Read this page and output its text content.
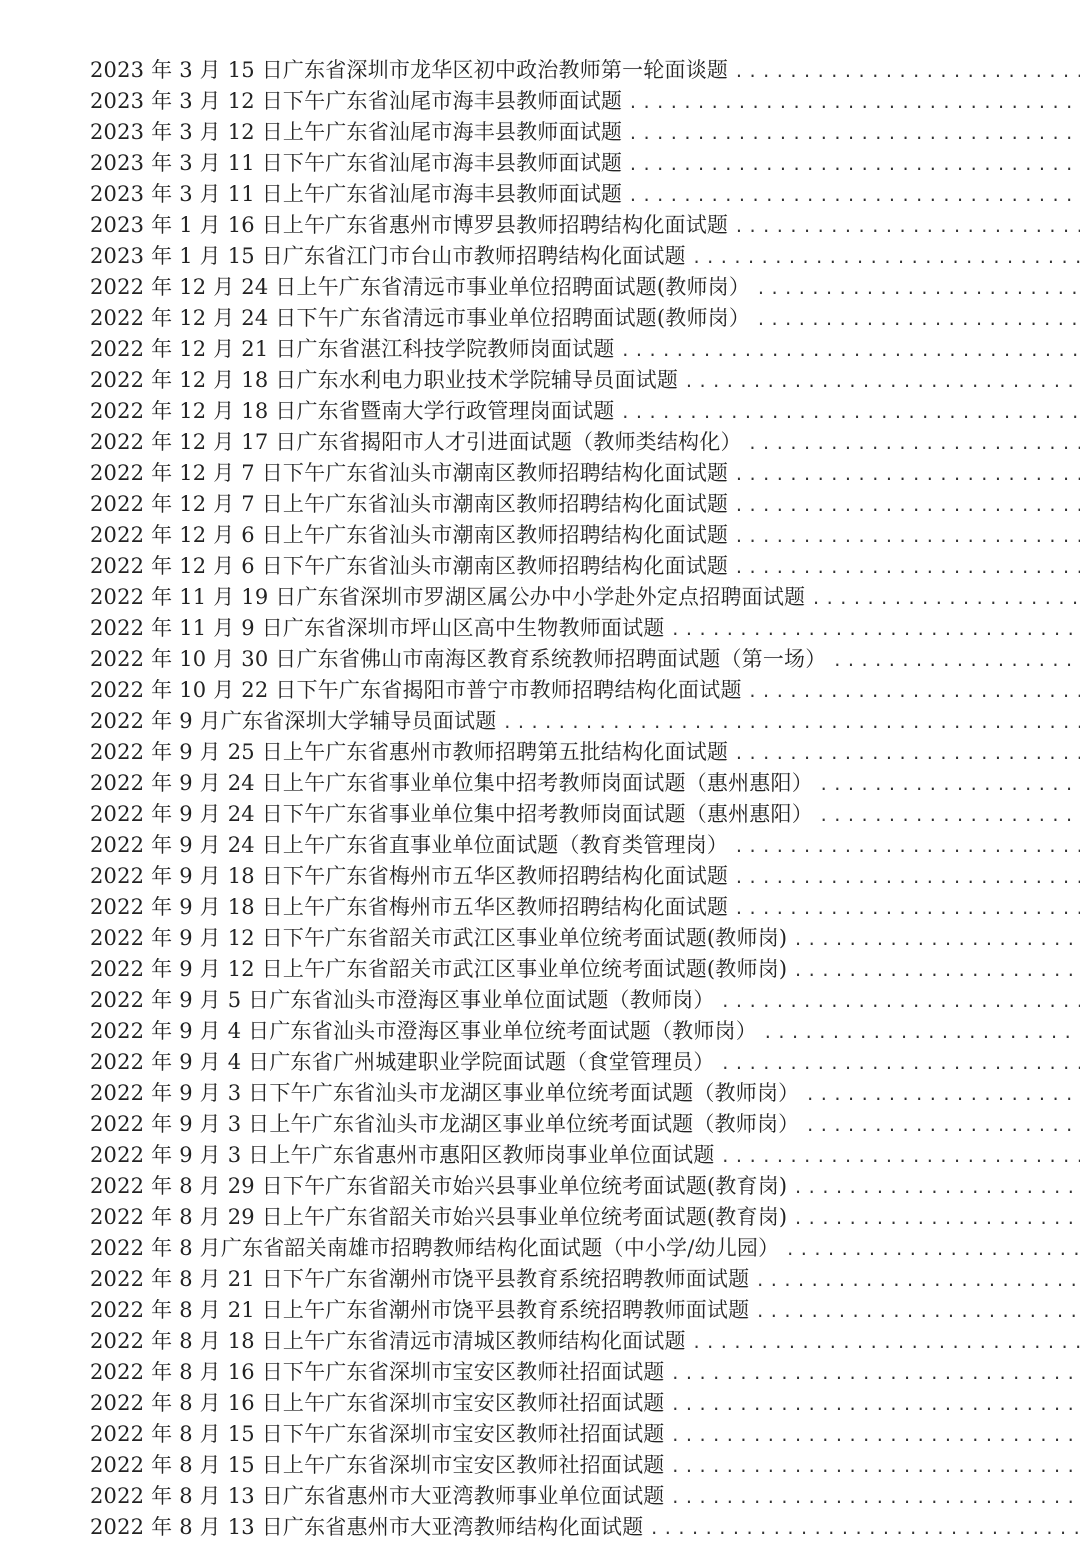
2023 年 3 月 15 日广东省深圳市龙华区初中政治教师第一轮面谈题
.....
2023 年 3 月 12 日下午广东省汕尾市海丰县教师面试题
.....
2023 年 3 月 12 日上午广东省汕尾市海丰县教师面试题
.....
2023 年 3 月 11 日下午广东省汕尾市海丰县教师面试题
.....
2023 年 3 月 11 日上午广东省汕尾市海丰县教师面试题
.....
2023 年 1 月 16 日上午广东省惠州市博罗县教师招聘结构化面试题
.....
2023 年 1 月 15 日广东省江门市台山市教师招聘结构化面试题
.....
2022 年 12 月 24 日上午广东省清远市事业单位招聘面试题(教师岗）
.....
2022 年 12 月 24 日下午广东省清远市事业单位招聘面试题(教师岗）
.....
2022 年 12 月 21 日广东省湛江科技学院教师岗面试题
.....
2022 年 12 月 18 日广东水利电力职业技术学院辅导员面试题
.....
2022 年 12 月 18 日广东省暨南大学行政管理岗面试题
.....
2022 年 12 月 17 日广东省揭阳市人才引进面试题（教师类结构化）
.....
2022 年 12 月 7 日下午广东省汕头市潮南区教师招聘结构化面试题
.....
2022 年 12 月 7 日上午广东省汕头市潮南区教师招聘结构化面试题
.....
2022 年 12 月 6 日上午广东省汕头市潮南区教师招聘结构化面试题
.....
2022 年 12 月 6 日下午广东省汕头市潮南区教师招聘结构化面试题
.....
2022 年 11 月 19 日广东省深圳市罗湖区属公办中小学赴外定点招聘面试题
.....
2022 年 11 月 9 日广东省深圳市坪山区高中生物教师面试题
.....
2022 年 10 月 30 日广东省佛山市南海区教育系统教师招聘面试题（第一场）
.....
2022 年 10 月 22 日下午广东省揭阳市普宁市教师招聘结构化面试题
.....
2022 年 9 月广东省深圳大学辅导员面试题
.....
2022 年 9 月 25 日上午广东省惠州市教师招聘第五批结构化面试题
.....
2022 年 9 月 24 日上午广东省事业单位集中招考教师岗面试题（惠州惠阳）
.....
2022 年 9 月 24 日下午广东省事业单位集中招考教师岗面试题（惠州惠阳）
.....
2022 年 9 月 24 日上午广东省直事业单位面试题（教育类管理岗）
.....
2022 年 9 月 18 日下午广东省梅州市五华区教师招聘结构化面试题
.....
2022 年 9 月 18 日上午广东省梅州市五华区教师招聘结构化面试题
.....
2022 年 9 月 12 日下午广东省韶关市武江区事业单位统考面试题(教师岗)
.....
2022 年 9 月 12 日上午广东省韶关市武江区事业单位统考面试题(教师岗)
.....
2022 年 9 月 5 日广东省汕头市澄海区事业单位面试题（教师岗）
.....
2022 年 9 月 4 日广东省汕头市澄海区事业单位统考面试题（教师岗）
.....
2022 年 9 月 4 日广东省广州城建职业学院面试题（食堂管理员）
.....
2022 年 9 月 3 日下午广东省汕头市龙湖区事业单位统考面试题（教师岗）
.....
2022 年 9 月 3 日上午广东省汕头市龙湖区事业单位统考面试题（教师岗）
.....
2022 年 9 月 3 日上午广东省惠州市惠阳区教师岗事业单位面试题
.....
2022 年 8 月 29 日下午广东省韶关市始兴县事业单位统考面试题(教育岗)
.....
2022 年 8 月 29 日上午广东省韶关市始兴县事业单位统考面试题(教育岗)
.....
2022 年 8 月广东省韶关南雄市招聘教师结构化面试题（中小学/幼儿园）
.....
2022 年 8 月 21 日下午广东省潮州市饶平县教育系统招聘教师面试题
.....
2022 年 8 月 21 日上午广东省潮州市饶平县教育系统招聘教师面试题
.....
2022 年 8 月 18 日上午广东省清远市清城区教师结构化面试题
.....
2022 年 8 月 16 日下午广东省深圳市宝安区教师社招面试题
.....
2022 年 8 月 16 日上午广东省深圳市宝安区教师社招面试题
.....
2022 年 8 月 15 日下午广东省深圳市宝安区教师社招面试题
.....
2022 年 8 月 15 日上午广东省深圳市宝安区教师社招面试题
.....
2022 年 8 月 13 日广东省惠州市大亚湾教师事业单位面试题
.....
2022 年 8 月 13 日广东省惠州市大亚湾教师结构化面试题
.....
